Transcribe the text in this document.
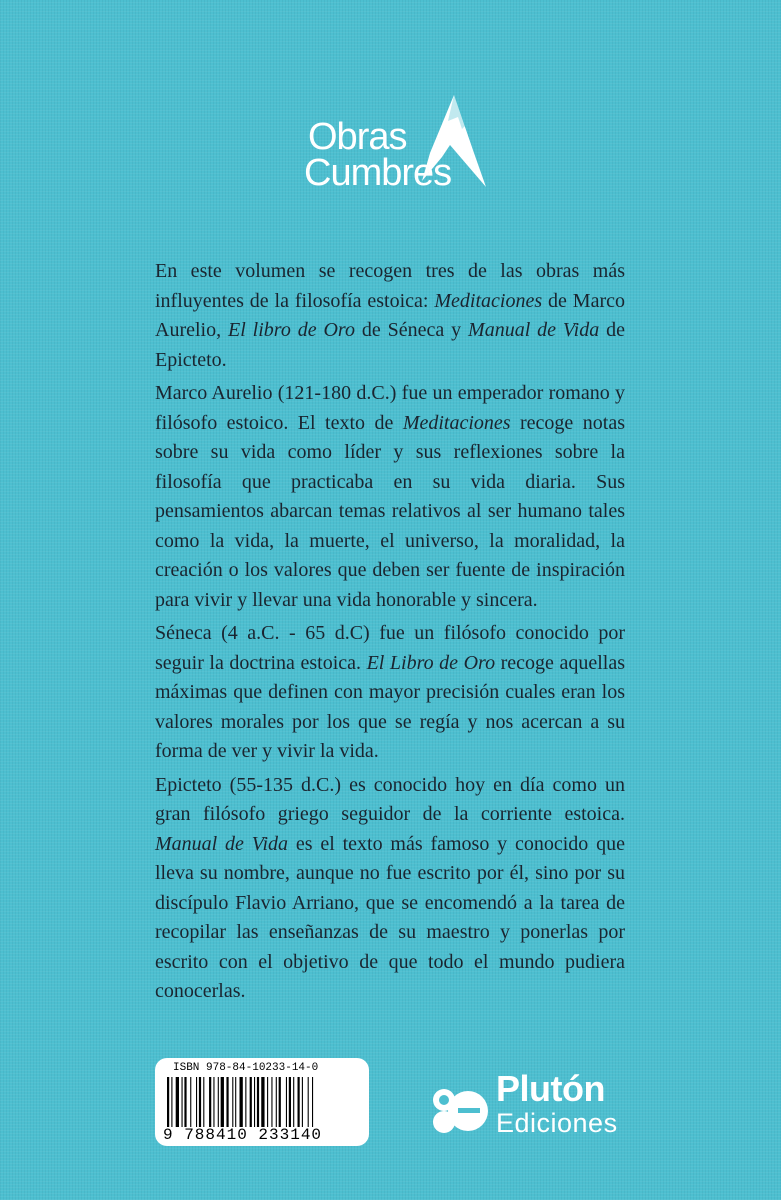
Obras
Cumbres

En este volumen se recogen tres de las obras más influyentes de la filosofía estoica: Meditaciones de Marco Aurelio, El libro de Oro de Séneca y Manual de Vida de Epicteto.

Marco Aurelio (121-180 d.C.) fue un emperador romano y filósofo estoico. El texto de Meditaciones recoge notas sobre su vida como líder y sus reflexiones sobre la filosofía que practicaba en su vida diaria. Sus pensamientos abarcan temas relativos al ser humano tales como la vida, la muerte, el universo, la moralidad, la creación o los valores que deben ser fuente de inspiración para vivir y llevar una vida honorable y sincera.

Séneca (4 a.C. - 65 d.C) fue un filósofo conocido por seguir la doctrina estoica. El Libro de Oro recoge aquellas máximas que definen con mayor precisión cuales eran los valores morales por los que se regía y nos acercan a su forma de ver y vivir la vida.

Epicteto (55-135 d.C.) es conocido hoy en día como un gran filósofo griego seguidor de la corriente estoica. Manual de Vida es el texto más famoso y conocido que lleva su nombre, aunque no fue escrito por él, sino por su discípulo Flavio Arriano, que se encomendó a la tarea de recopilar las enseñanzas de su maestro y ponerlas por escrito con el objetivo de que todo el mundo pudiera conocerlas.

ISBN 978-84-10233-14-0
9 788410 233140
Plutón
Ediciones
